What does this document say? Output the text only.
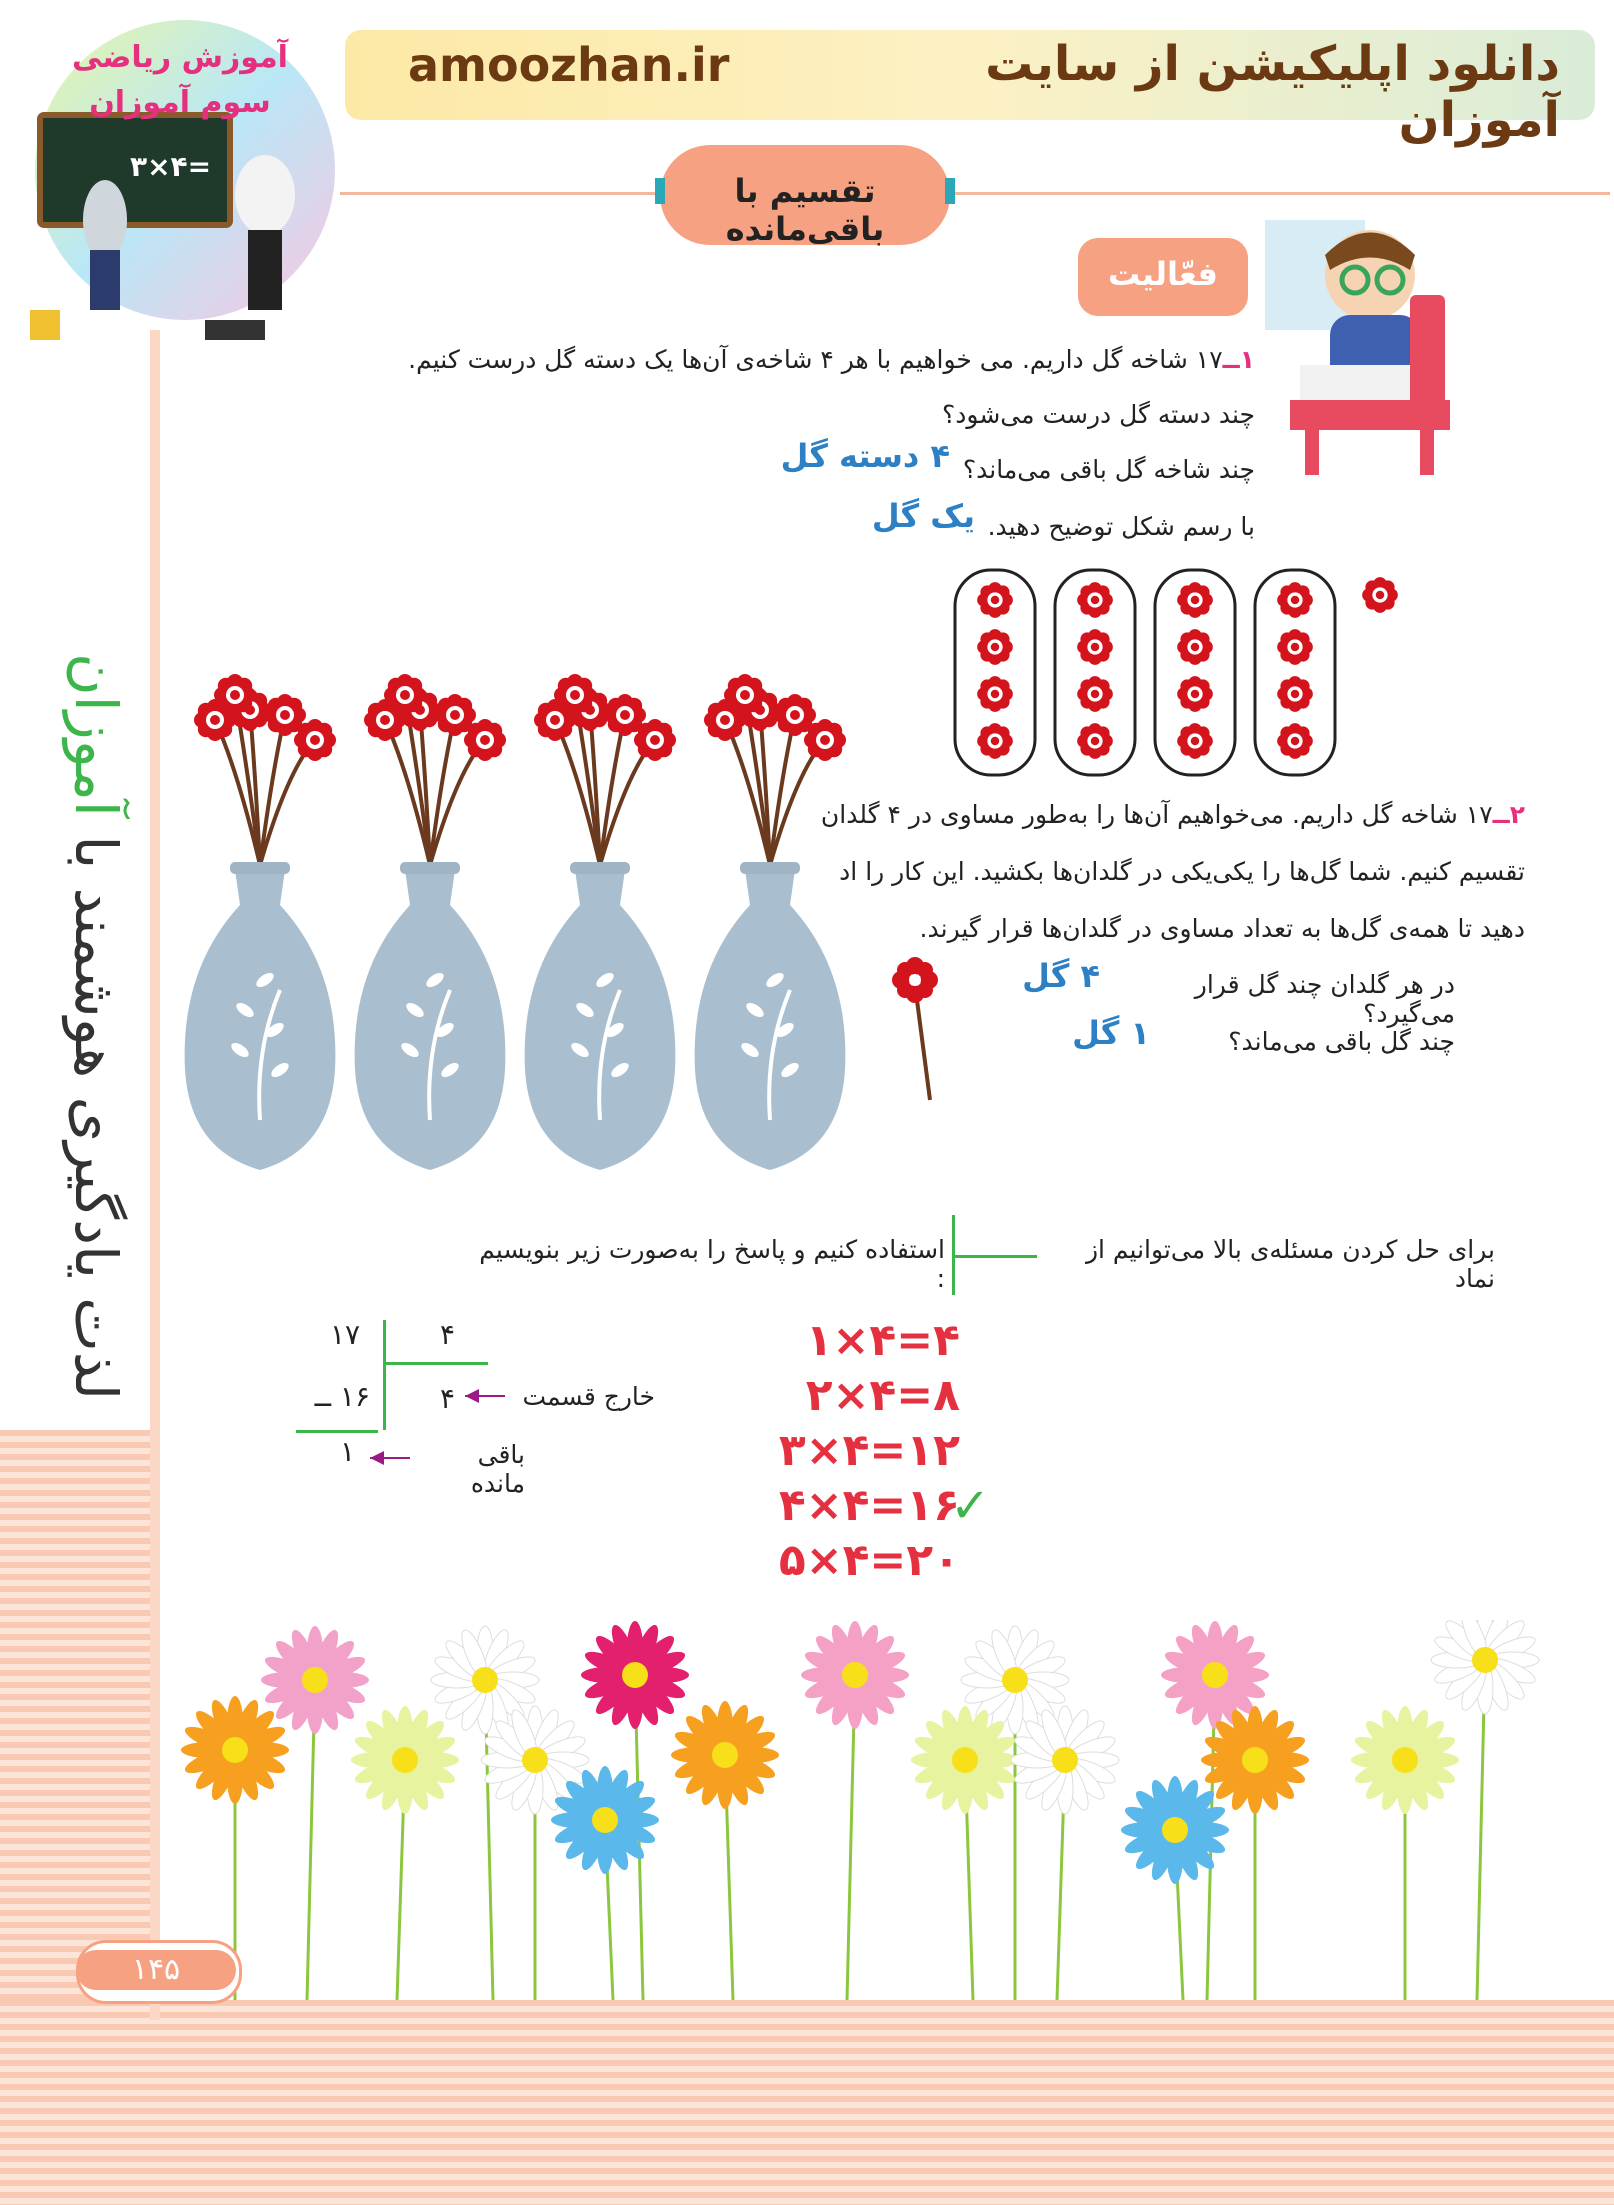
amoozhan.ir	دانلود اپلیکیشن از سایت آموزان
آموزش ریاضی
سوم آموزان
۳×۴=
لذت یادگیری هوشمند با آموزان
تقسیم با باقی‌مانده
فعّالیت
۱ــ۱۷ شاخه گل داریم. می خواهیم با هر ۴ شاخه‌ی آن‌ها یک دسته گل درست کنیم.
چند دسته گل درست می‌شود؟
چند شاخه گل باقی می‌ماند؟
۴ دسته گل
با رسم شکل توضیح دهید.
یک گل
۲ــ۱۷ شاخه گل داریم. می‌خواهیم آن‌ها را به‌طور مساوی در ۴ گلدان
تقسیم کنیم. شما گل‌ها را یکی‌یکی در گلدان‌ها بکشید. این کار را اد
دهید تا همه‌ی گل‌ها به تعداد مساوی در گلدان‌ها قرار گیرند.
در هر گلدان چند گل قرار می‌گیرد؟
۴ گل
چند گل باقی می‌ماند؟
۱ گل
برای حل کردن مسئله‌ی بالا می‌توانیم از نماد
استفاده کنیم و پاسخ را به‌صورت زیر بنویسیم :
۱۷	۴
۱۶ ــ	۴
۱
خارج قسمت
باقی مانده
۱×۴=۴
۲×۴=۸
۳×۴=۱۲
۴×۴=۱۶
✓
۵×۴=۲۰
۱۴۵
